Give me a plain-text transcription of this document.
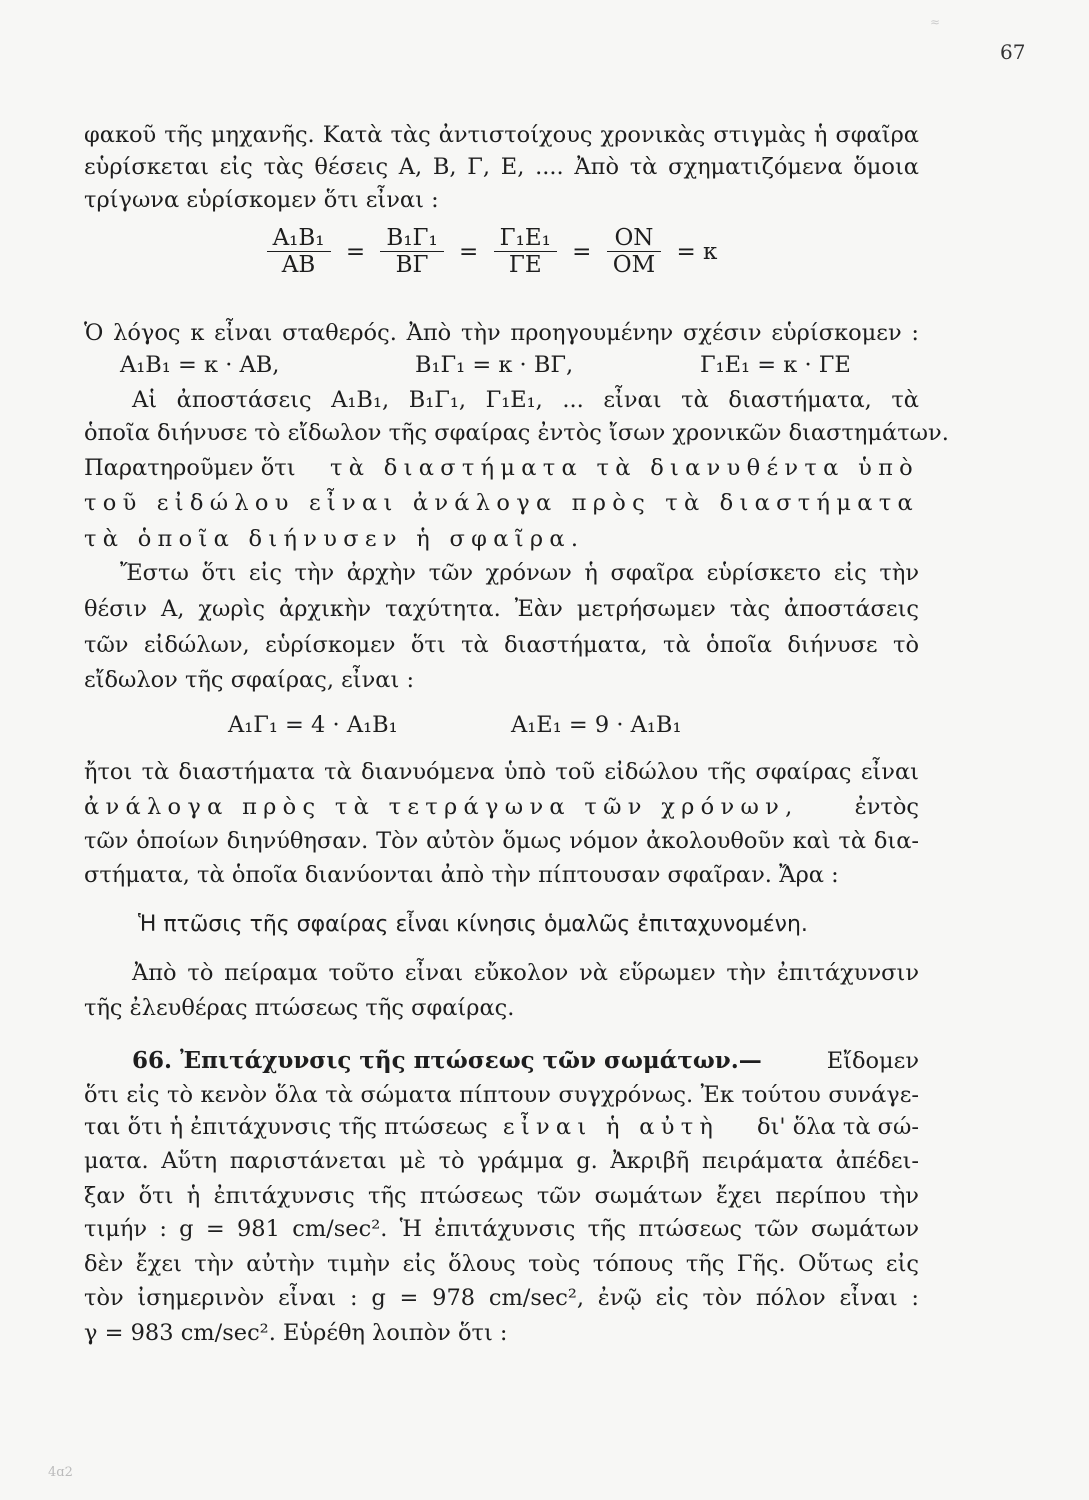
67
≈
φακοῦ τῆς μηχανῆς. Κατὰ τὰς ἀντιστοίχους χρονικὰς στιγμὰς ἡ σφαῖρα
εὑρίσκεται εἰς τὰς θέσεις Α, Β, Γ, Ε, .... Ἀπὸ τὰ σχηματιζόμενα ὅμοια
τρίγωνα εὑρίσκομεν ὅτι εἶναι :
$\frac{\text{A₁B₁}}{AB} = \frac{\text{B₁Γ₁}}{B\Gamma} = \frac{\text{Γ₁E₁}}{\Gamma E} = \frac{ON}{OM} = \kappa$
Ὁ λόγος κ εἶναι σταθερός. Ἀπὸ τὴν προηγουμένην σχέσιν εὑρίσκομεν :
A₁B₁ = κ · AB,	B₁Γ₁ = κ · BΓ,	Γ₁E₁ = κ · ΓE
Αἱ ἀποστάσεις Α₁Β₁, Β₁Γ₁, Γ₁Ε₁, ... εἶναι τὰ διαστήματα, τὰ
ὁποῖα διήνυσε τὸ εἴδωλον τῆς σφαίρας ἐντὸς ἴσων χρονικῶν διαστημάτων.
Παρατηροῦμεν ὅτι τὰ διαστήματα τὰ διανυθέντα ὑπὸ
τοῦ εἰδώλου εἶναι ἀνάλογα πρὸς τὰ διαστήματα
τὰ ὁποῖα διήνυσεν ἡ σφαῖρα.
Ἔστω ὅτι εἰς τὴν ἀρχὴν τῶν χρόνων ἡ σφαῖρα εὑρίσκετο εἰς τὴν
θέσιν Α, χωρὶς ἀρχικὴν ταχύτητα. Ἐὰν μετρήσωμεν τὰς ἀποστάσεις
τῶν εἰδώλων, εὑρίσκομεν ὅτι τὰ διαστήματα, τὰ ὁποῖα διήνυσε τὸ
εἴδωλον τῆς σφαίρας, εἶναι :
A₁Γ₁ = 4 · A₁B₁	A₁E₁ = 9 · A₁B₁
ἤτοι τὰ διαστήματα τὰ διανυόμενα ὑπὸ τοῦ εἰδώλου τῆς σφαίρας εἶναι
ἀνάλογα πρὸς τὰ τετράγωνα τῶν χρόνων, ἐντὸς
τῶν ὁποίων διηνύθησαν. Τὸν αὐτὸν ὅμως νόμον ἀκολουθοῦν καὶ τὰ δια-
στήματα, τὰ ὁποῖα διανύονται ἀπὸ τὴν πίπτουσαν σφαῖραν. Ἄρα :
Ἡ πτῶσις τῆς σφαίρας εἶναι κίνησις ὁμαλῶς ἐπιταχυνομένη.
Ἀπὸ τὸ πείραμα τοῦτο εἶναι εὔκολον νὰ εὕρωμεν τὴν ἐπιτάχυνσιν
τῆς ἐλευθέρας πτώσεως τῆς σφαίρας.
66. Ἐπιτάχυνσις τῆς πτώσεως τῶν σωμάτων.—	Εἴδομεν
ὅτι εἰς τὸ κενὸν ὅλα τὰ σώματα πίπτουν συγχρόνως. Ἐκ τούτου συνάγε-
ται ὅτι ἡ ἐπιτάχυνσις τῆς πτώσεως εἶναι ἡ αὐτὴ δι' ὅλα τὰ σώ-
ματα. Αὕτη παριστάνεται μὲ τὸ γράμμα g. Ἀκριβῆ πειράματα ἀπέδει-
ξαν ὅτι ἡ ἐπιτάχυνσις τῆς πτώσεως τῶν σωμάτων ἔχει περίπου τὴν
τιμήν : g = 981 cm/sec². Ἡ ἐπιτάχυνσις τῆς πτώσεως τῶν σωμάτων
δὲν ἔχει τὴν αὐτὴν τιμὴν εἰς ὅλους τοὺς τόπους τῆς Γῆς. Οὕτως εἰς
τὸν ἰσημερινὸν εἶναι : g = 978 cm/sec², ἐνῷ εἰς τὸν πόλον εἶναι :
γ = 983 cm/sec². Εὑρέθη λοιπὸν ὅτι :
4ɑ2
